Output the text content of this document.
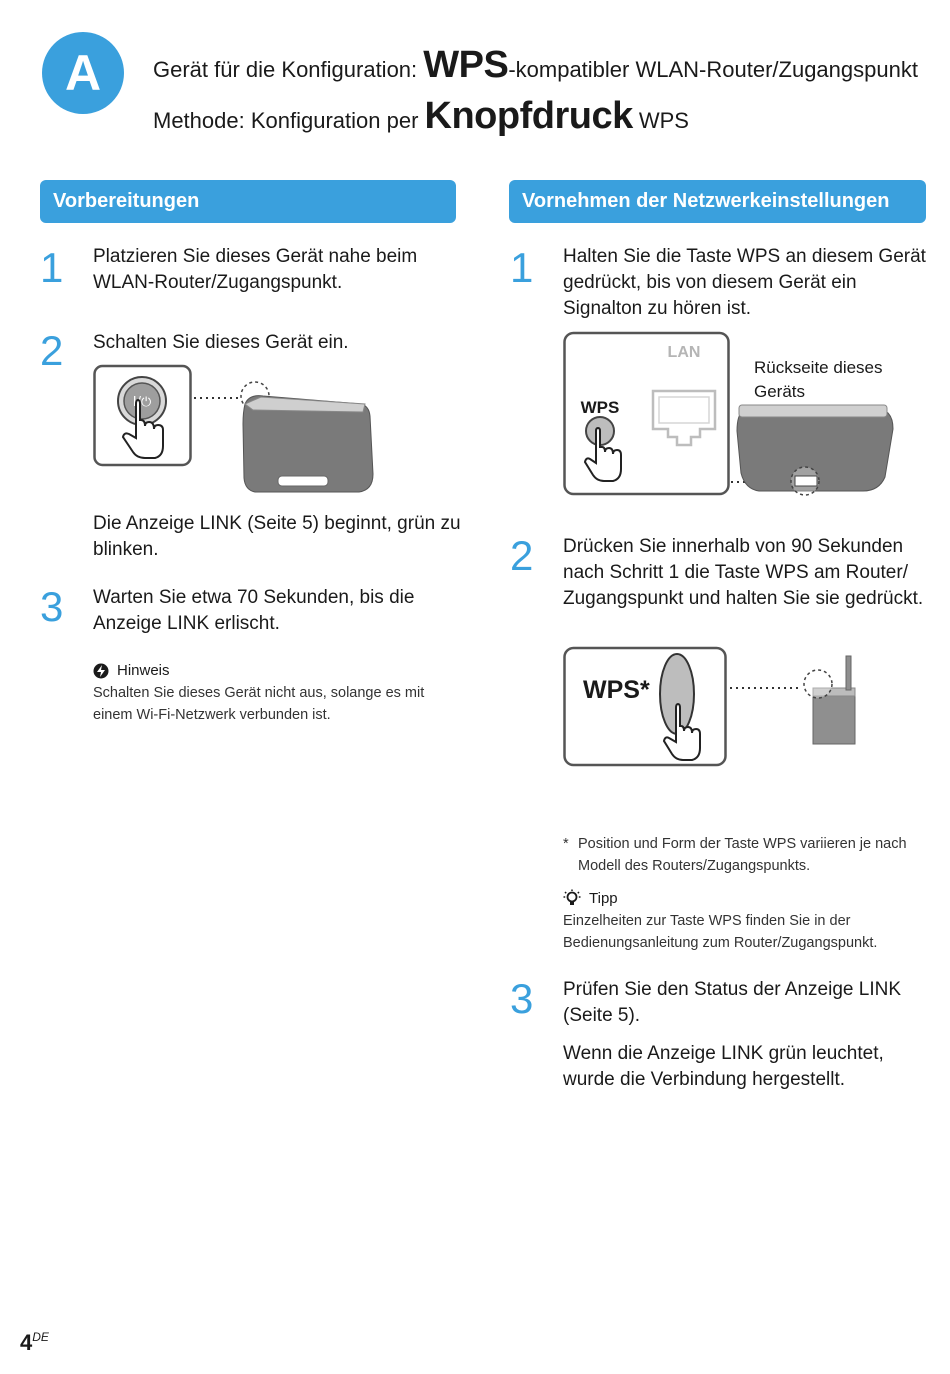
A	Gerät für die Konfiguration: WPS-kompatibler WLAN-Router/Zugangspunkt
Methode: Konfiguration per Knopfdruck WPS
Vorbereitungen	Vornehmen der Netzwerkeinstellungen
1 Platzieren Sie dieses Gerät nahe beim WLAN-Router/Zugangspunkt.
2 Schalten Sie dieses Gerät ein.
I/⏻
Die Anzeige LINK (Seite 5) beginnt, grün zu blinken.
3 Warten Sie etwa 70 Sekunden, bis die Anzeige LINK erlischt.
Hinweis
Schalten Sie dieses Gerät nicht aus, solange es mit einem Wi-Fi-Netzwerk verbunden ist.
1 Halten Sie die Taste WPS an diesem Gerät gedrückt, bis von diesem Gerät ein Signalton zu hören ist.
LAN
WPS
Rückseite dieses Geräts
2 Drücken Sie innerhalb von 90 Sekunden nach Schritt 1 die Taste WPS am Router/ Zugangspunkt und halten Sie sie gedrückt.
WPS*
* Position und Form der Taste WPS variieren je nach Modell des Routers/Zugangspunkts.
Tipp
Einzelheiten zur Taste WPS finden Sie in der Bedienungsanleitung zum Router/Zugangspunkt.
3 Prüfen Sie den Status der Anzeige LINK (Seite 5).
Wenn die Anzeige LINK grün leuchtet, wurde die Verbindung hergestellt.
4DE
